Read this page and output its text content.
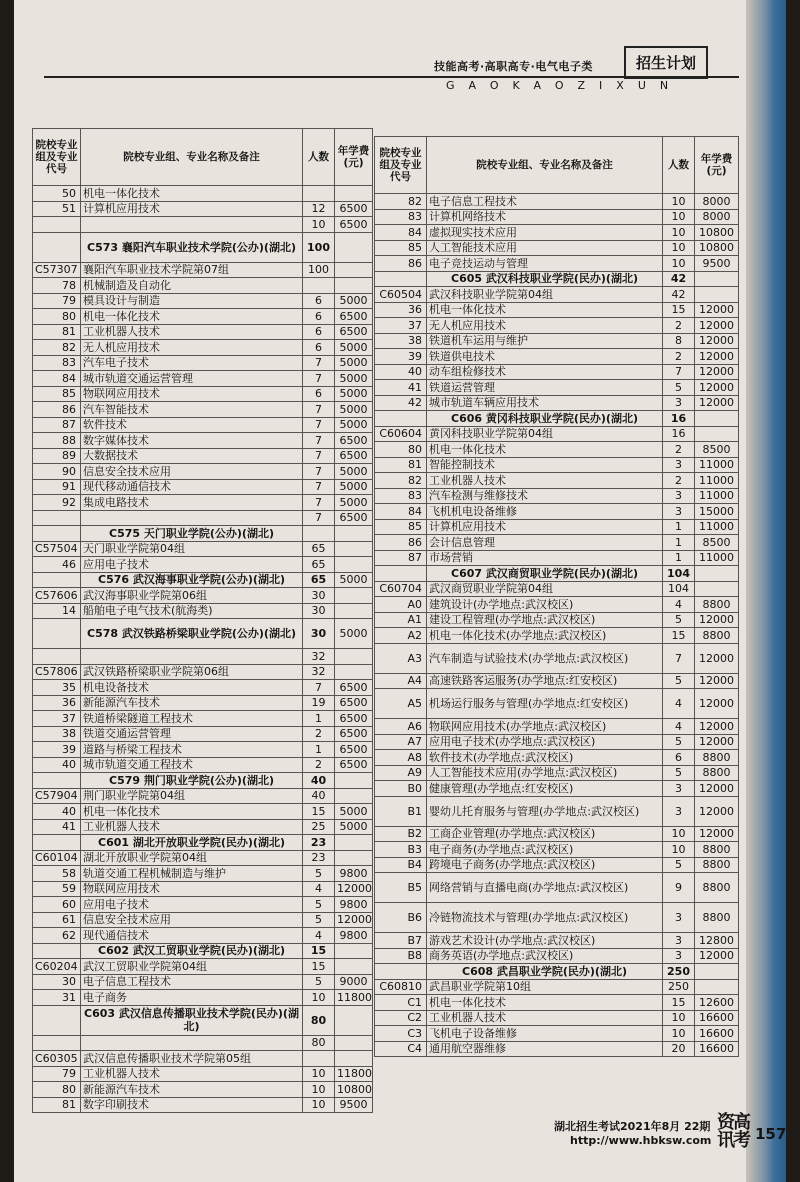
技能高考·高职高专·电气电子类	招生计划
GAOKAOZIXUN
院校专业组及专业代号	院校专业组、专业名称及备注	人数	年学费(元)
50	机电一体化技术		
51	计算机应用技术	12	6500
		10	6500
	C573 襄阳汽车职业技术学院(公办)(湖北)	100	
C57307	襄阳汽车职业技术学院第07组	100	
78	机械制造及自动化		
79	模具设计与制造	6	5000
80	机电一体化技术	6	6500
81	工业机器人技术	6	6500
82	无人机应用技术	6	5000
83	汽车电子技术	7	5000
84	城市轨道交通运营管理	7	5000
85	物联网应用技术	6	5000
86	汽车智能技术	7	5000
87	软件技术	7	5000
88	数字媒体技术	7	6500
89	大数据技术	7	6500
90	信息安全技术应用	7	5000
91	现代移动通信技术	7	5000
92	集成电路技术	7	5000
		7	6500
	C575 天门职业学院(公办)(湖北)		
C57504	天门职业学院第04组	65	
46	应用电子技术	65	
	C576 武汉海事职业学院(公办)(湖北)	65	5000
C57606	武汉海事职业学院第06组	30	
14	船舶电子电气技术(航海类)	30	
	C578 武汉铁路桥梁职业学院(公办)(湖北)	30	5000
		32	
C57806	武汉铁路桥梁职业学院第06组	32	
35	机电设备技术	7	6500
36	新能源汽车技术	19	6500
37	铁道桥梁隧道工程技术	1	6500
38	铁道交通运营管理	2	6500
39	道路与桥梁工程技术	1	6500
40	城市轨道交通工程技术	2	6500
	C579 荆门职业学院(公办)(湖北)	40	
C57904	荆门职业学院第04组	40	
40	机电一体化技术	15	5000
41	工业机器人技术	25	5000
	C601 湖北开放职业学院(民办)(湖北)	23	
C60104	湖北开放职业学院第04组	23	
58	轨道交通工程机械制造与维护	5	9800
59	物联网应用技术	4	12000
60	应用电子技术	5	9800
61	信息安全技术应用	5	12000
62	现代通信技术	4	9800
	C602 武汉工贸职业学院(民办)(湖北)	15	
C60204	武汉工贸职业学院第04组	15	
30	电子信息工程技术	5	9000
31	电子商务	10	11800
	C603 武汉信息传播职业技术学院(民办)(湖北)	80	
		80	
C60305	武汉信息传播职业技术学院第05组		
79	工业机器人技术	10	11800
80	新能源汽车技术	10	10800
81	数字印刷技术	10	9500
院校专业组及专业代号	院校专业组、专业名称及备注	人数	年学费(元)
82	电子信息工程技术	10	8000
83	计算机网络技术	10	8000
84	虚拟现实技术应用	10	10800
85	人工智能技术应用	10	10800
86	电子竞技运动与管理	10	9500
	C605 武汉科技职业学院(民办)(湖北)	42	
C60504	武汉科技职业学院第04组	42	
36	机电一体化技术	15	12000
37	无人机应用技术	2	12000
38	铁道机车运用与维护	8	12000
39	铁道供电技术	2	12000
40	动车组检修技术	7	12000
41	铁道运营管理	5	12000
42	城市轨道车辆应用技术	3	12000
	C606 黄冈科技职业学院(民办)(湖北)	16	
C60604	黄冈科技职业学院第04组	16	
80	机电一体化技术	2	8500
81	智能控制技术	3	11000
82	工业机器人技术	2	11000
83	汽车检测与维修技术	3	11000
84	飞机机电设备维修	3	15000
85	计算机应用技术	1	11000
86	会计信息管理	1	8500
87	市场营销	1	11000
	C607 武汉商贸职业学院(民办)(湖北)	104	
C60704	武汉商贸职业学院第04组	104	
A0	建筑设计(办学地点:武汉校区)	4	8800
A1	建设工程管理(办学地点:武汉校区)	5	12000
A2	机电一体化技术(办学地点:武汉校区)	15	8800
A3	汽车制造与试验技术(办学地点:武汉校区)	7	12000
A4	高速铁路客运服务(办学地点:红安校区)	5	12000
A5	机场运行服务与管理(办学地点:红安校区)	4	12000
A6	物联网应用技术(办学地点:武汉校区)	4	12000
A7	应用电子技术(办学地点:武汉校区)	5	12000
A8	软件技术(办学地点:武汉校区)	6	8800
A9	人工智能技术应用(办学地点:武汉校区)	5	8800
B0	健康管理(办学地点:红安校区)	3	12000
B1	婴幼儿托育服务与管理(办学地点:武汉校区)	3	12000
B2	工商企业管理(办学地点:武汉校区)	10	12000
B3	电子商务(办学地点:武汉校区)	10	8800
B4	跨境电子商务(办学地点:武汉校区)	5	8800
B5	网络营销与直播电商(办学地点:武汉校区)	9	8800
B6	冷链物流技术与管理(办学地点:武汉校区)	3	8800
B7	游戏艺术设计(办学地点:武汉校区)	3	12800
B8	商务英语(办学地点:武汉校区)	3	12000
	C608 武昌职业学院(民办)(湖北)	250	
C60810	武昌职业学院第10组	250	
C1	机电一体化技术	15	12600
C2	工业机器人技术	10	16600
C3	飞机电子设备维修	10	16600
C4	通用航空器维修	20	16600
湖北招生考试2021年8月 22期
http://www.hbksw.com
资高讯考 157
